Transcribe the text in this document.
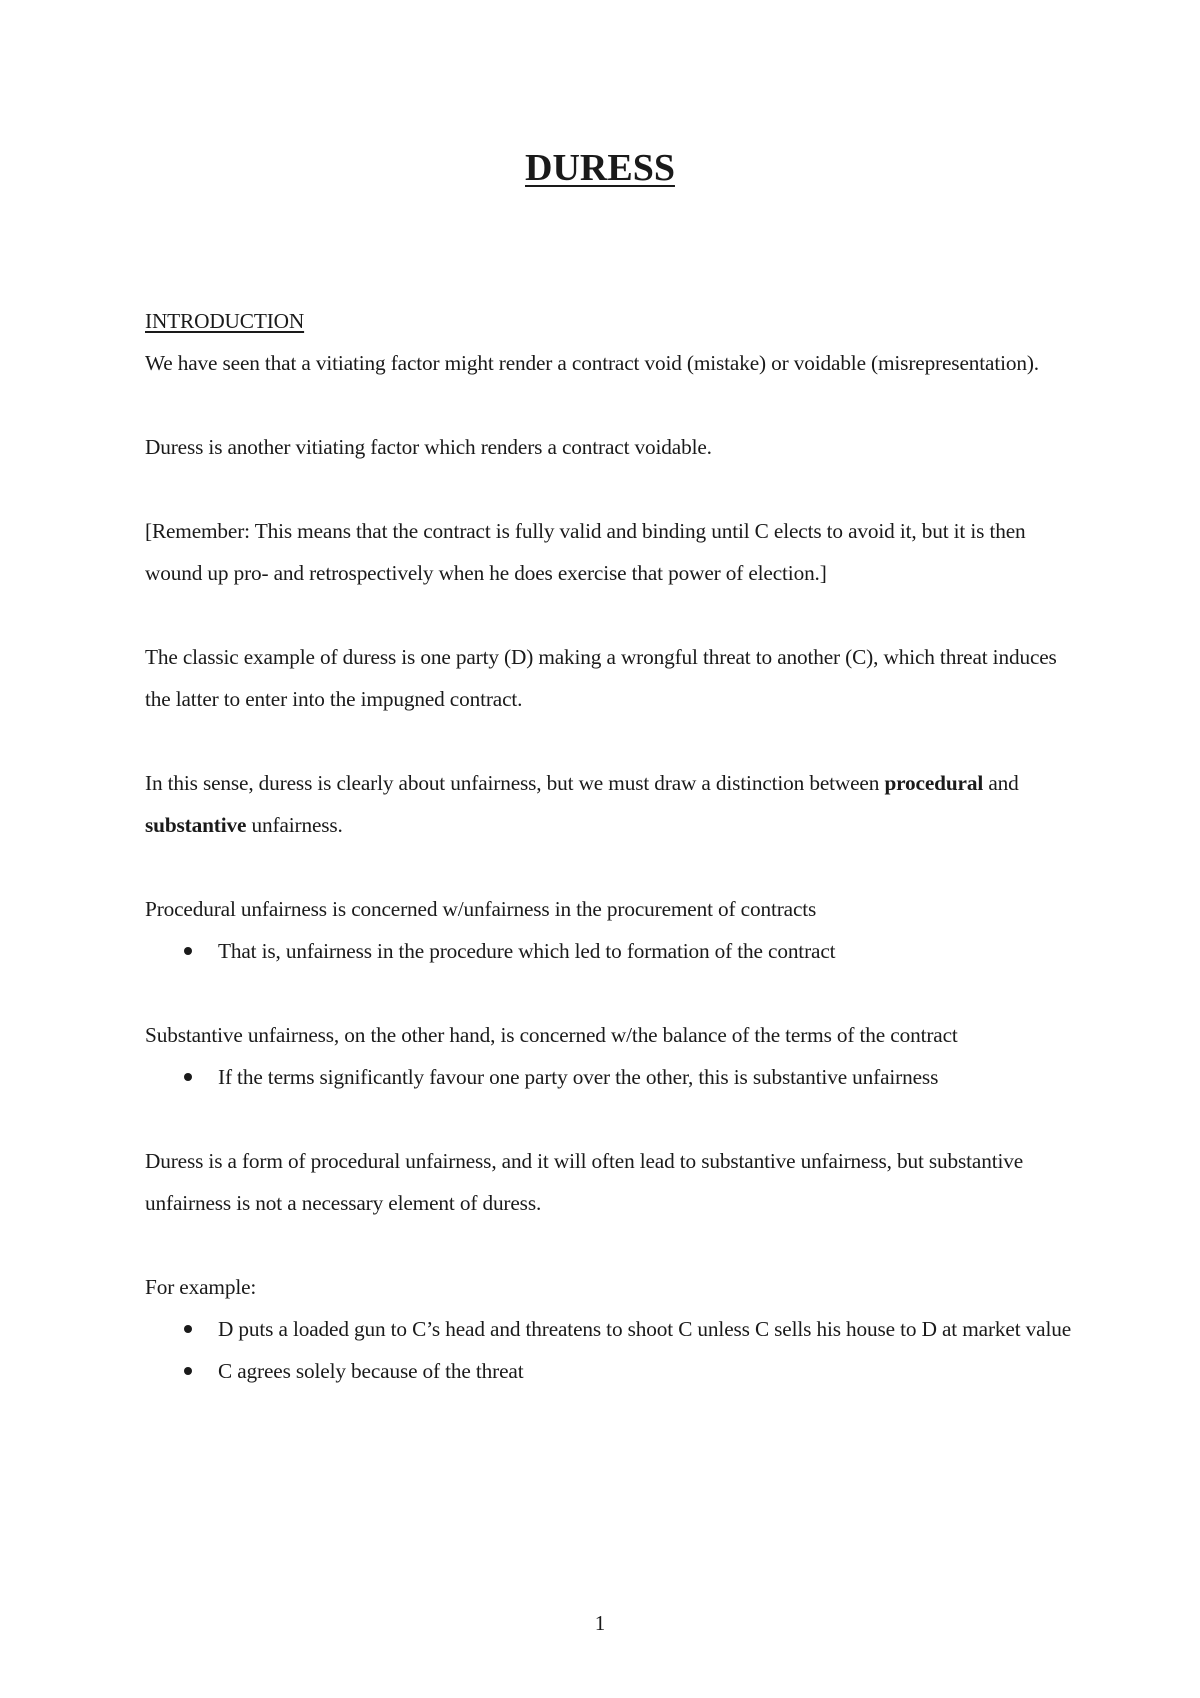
DURESS

INTRODUCTION

We have seen that a vitiating factor might render a contract void (mistake) or voidable (misrepresentation).

Duress is another vitiating factor which renders a contract voidable.

[Remember: This means that the contract is fully valid and binding until C elects to avoid it, but it is then wound up pro- and retrospectively when he does exercise that power of election.]

The classic example of duress is one party (D) making a wrongful threat to another (C), which threat induces the latter to enter into the impugned contract.

In this sense, duress is clearly about unfairness, but we must draw a distinction between procedural and substantive unfairness.

Procedural unfairness is concerned w/unfairness in the procurement of contracts

That is, unfairness in the procedure which led to formation of the contract

Substantive unfairness, on the other hand, is concerned w/the balance of the terms of the contract

If the terms significantly favour one party over the other, this is substantive unfairness

Duress is a form of procedural unfairness, and it will often lead to substantive unfairness, but substantive unfairness is not a necessary element of duress.

For example:

D puts a loaded gun to C’s head and threatens to shoot C unless C sells his house to D at market value
C agrees solely because of the threat
1
